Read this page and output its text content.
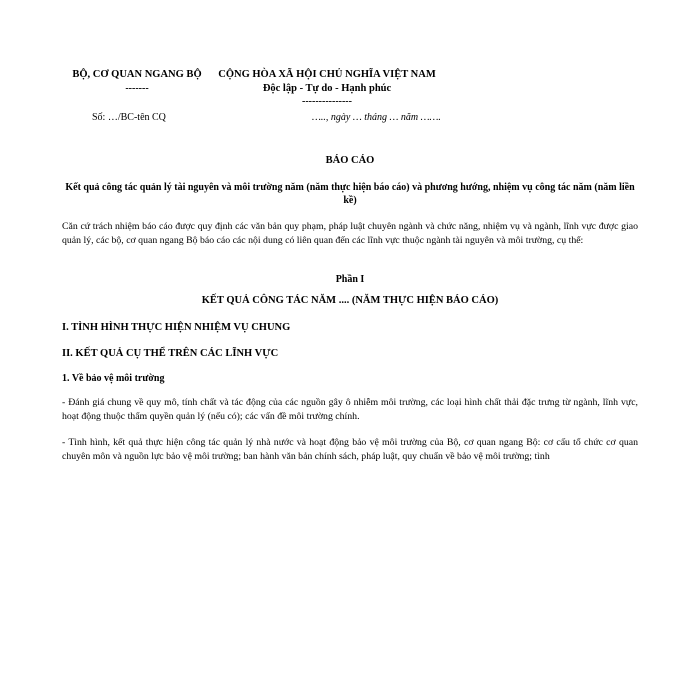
BỘ, CƠ QUAN NGANG BỘ
-------
CỘNG HÒA XÃ HỘI CHỦ NGHĨA VIỆT NAM
Độc lập - Tự do - Hạnh phúc
---------------
Số: …/BC-tên CQ	….., ngày … tháng … năm …….
BÁO CÁO
Kết quả công tác quản lý tài nguyên và môi trường năm (năm thực hiện báo cáo) và phương hướng, nhiệm vụ công tác năm (năm liền kề)
Căn cứ trách nhiệm báo cáo được quy định các văn bản quy phạm, pháp luật chuyên ngành và chức năng, nhiệm vụ và ngành, lĩnh vực được giao quản lý, các bộ, cơ quan ngang Bộ báo cáo các nội dung có liên quan đến các lĩnh vực thuộc ngành tài nguyên và môi trường, cụ thể:
Phần I
KẾT QUẢ CÔNG TÁC NĂM .... (NĂM THỰC HIỆN BÁO CÁO)
I. TÌNH HÌNH THỰC HIỆN NHIỆM VỤ CHUNG
II. KẾT QUẢ CỤ THỂ TRÊN CÁC LĨNH VỰC
1. Về bảo vệ môi trường
- Đánh giá chung về quy mô, tính chất và tác động của các nguồn gây ô nhiễm môi trường, các loại hình chất thải đặc trưng từ ngành, lĩnh vực, hoạt động thuộc thẩm quyền quản lý (nếu có); các vấn đề môi trường chính.
- Tình hình, kết quả thực hiện công tác quản lý nhà nước và hoạt động bảo vệ môi trường của Bộ, cơ quan ngang Bộ: cơ cấu tổ chức cơ quan chuyên môn và nguồn lực bảo vệ môi trường; ban hành văn bản chính sách, pháp luật, quy chuẩn về bảo vệ môi trường; tình
